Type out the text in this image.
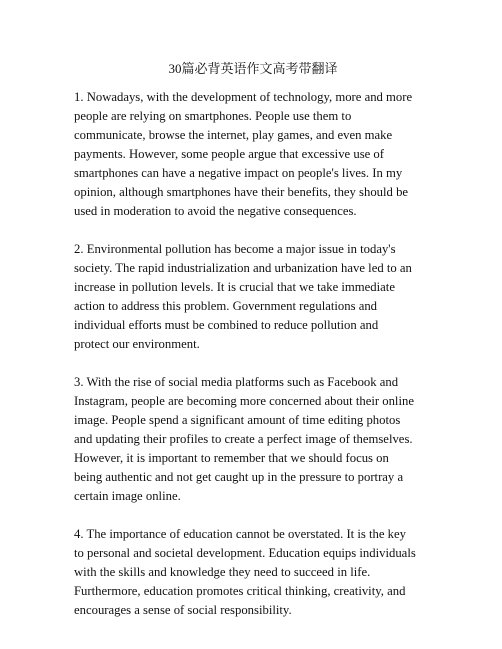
30篇必背英语作文高考带翻译
1. Nowadays, with the development of technology, more and more
people are relying on smartphones. People use them to
communicate, browse the internet, play games, and even make
payments. However, some people argue that excessive use of
smartphones can have a negative impact on people's lives. In my
opinion, although smartphones have their benefits, they should be
used in moderation to avoid the negative consequences.
2. Environmental pollution has become a major issue in today's
society. The rapid industrialization and urbanization have led to an
increase in pollution levels. It is crucial that we take immediate
action to address this problem. Government regulations and
individual efforts must be combined to reduce pollution and
protect our environment.
3. With the rise of social media platforms such as Facebook and
Instagram, people are becoming more concerned about their online
image. People spend a significant amount of time editing photos
and updating their profiles to create a perfect image of themselves.
However, it is important to remember that we should focus on
being authentic and not get caught up in the pressure to portray a
certain image online.
4. The importance of education cannot be overstated. It is the key
to personal and societal development. Education equips individuals
with the skills and knowledge they need to succeed in life.
Furthermore, education promotes critical thinking, creativity, and
encourages a sense of social responsibility.
